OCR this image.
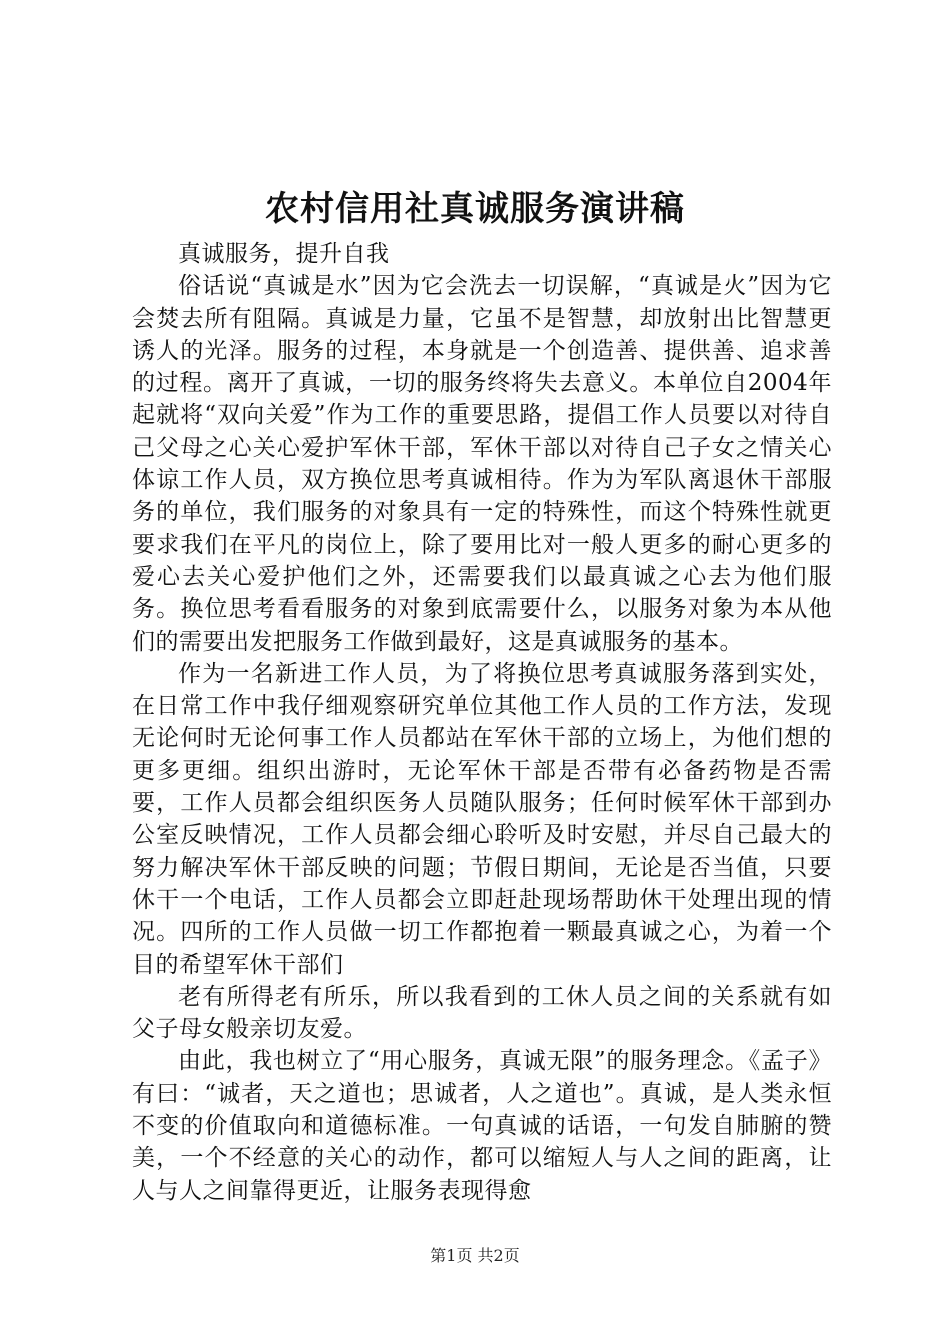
农村信用社真诚服务演讲稿

真诚服务，提升自我

俗话说“真诚是水”因为它会洗去一切误解，“真诚是火”因为它会焚去所有阻隔。真诚是力量，它虽不是智慧，却放射出比智慧更诱人的光泽。服务的过程，本身就是一个创造善、提供善、追求善的过程。离开了真诚，一切的服务终将失去意义。本单位自2004年起就将“双向关爱”作为工作的重要思路，提倡工作人员要以对待自己父母之心关心爱护军休干部，军休干部以对待自己子女之情关心体谅工作人员，双方换位思考真诚相待。作为为军队离退休干部服务的单位，我们服务的对象具有一定的特殊性，而这个特殊性就更要求我们在平凡的岗位上，除了要用比对一般人更多的耐心更多的爱心去关心爱护他们之外，还需要我们以最真诚之心去为他们服务。换位思考看看服务的对象到底需要什么，以服务对象为本从他们的需要出发把服务工作做到最好，这是真诚服务的基本。

作为一名新进工作人员，为了将换位思考真诚服务落到实处，在日常工作中我仔细观察研究单位其他工作人员的工作方法，发现无论何时无论何事工作人员都站在军休干部的立场上，为他们想的更多更细。组织出游时，无论军休干部是否带有必备药物是否需要，工作人员都会组织医务人员随队服务；任何时候军休干部到办公室反映情况，工作人员都会细心聆听及时安慰，并尽自己最大的努力解决军休干部反映的问题；节假日期间，无论是否当值，只要休干一个电话，工作人员都会立即赶赴现场帮助休干处理出现的情况。四所的工作人员做一切工作都抱着一颗最真诚之心，为着一个目的希望军休干部们

老有所得老有所乐，所以我看到的工休人员之间的关系就有如父子母女般亲切友爱。

由此，我也树立了“用心服务，真诚无限”的服务理念。《孟子》有曰：“诚者，天之道也；思诚者，人之道也”。真诚，是人类永恒不变的价值取向和道德标准。一句真诚的话语，一句发自肺腑的赞美，一个不经意的关心的动作，都可以缩短人与人之间的距离，让人与人之间靠得更近，让服务表现得愈

第1页 共2页
